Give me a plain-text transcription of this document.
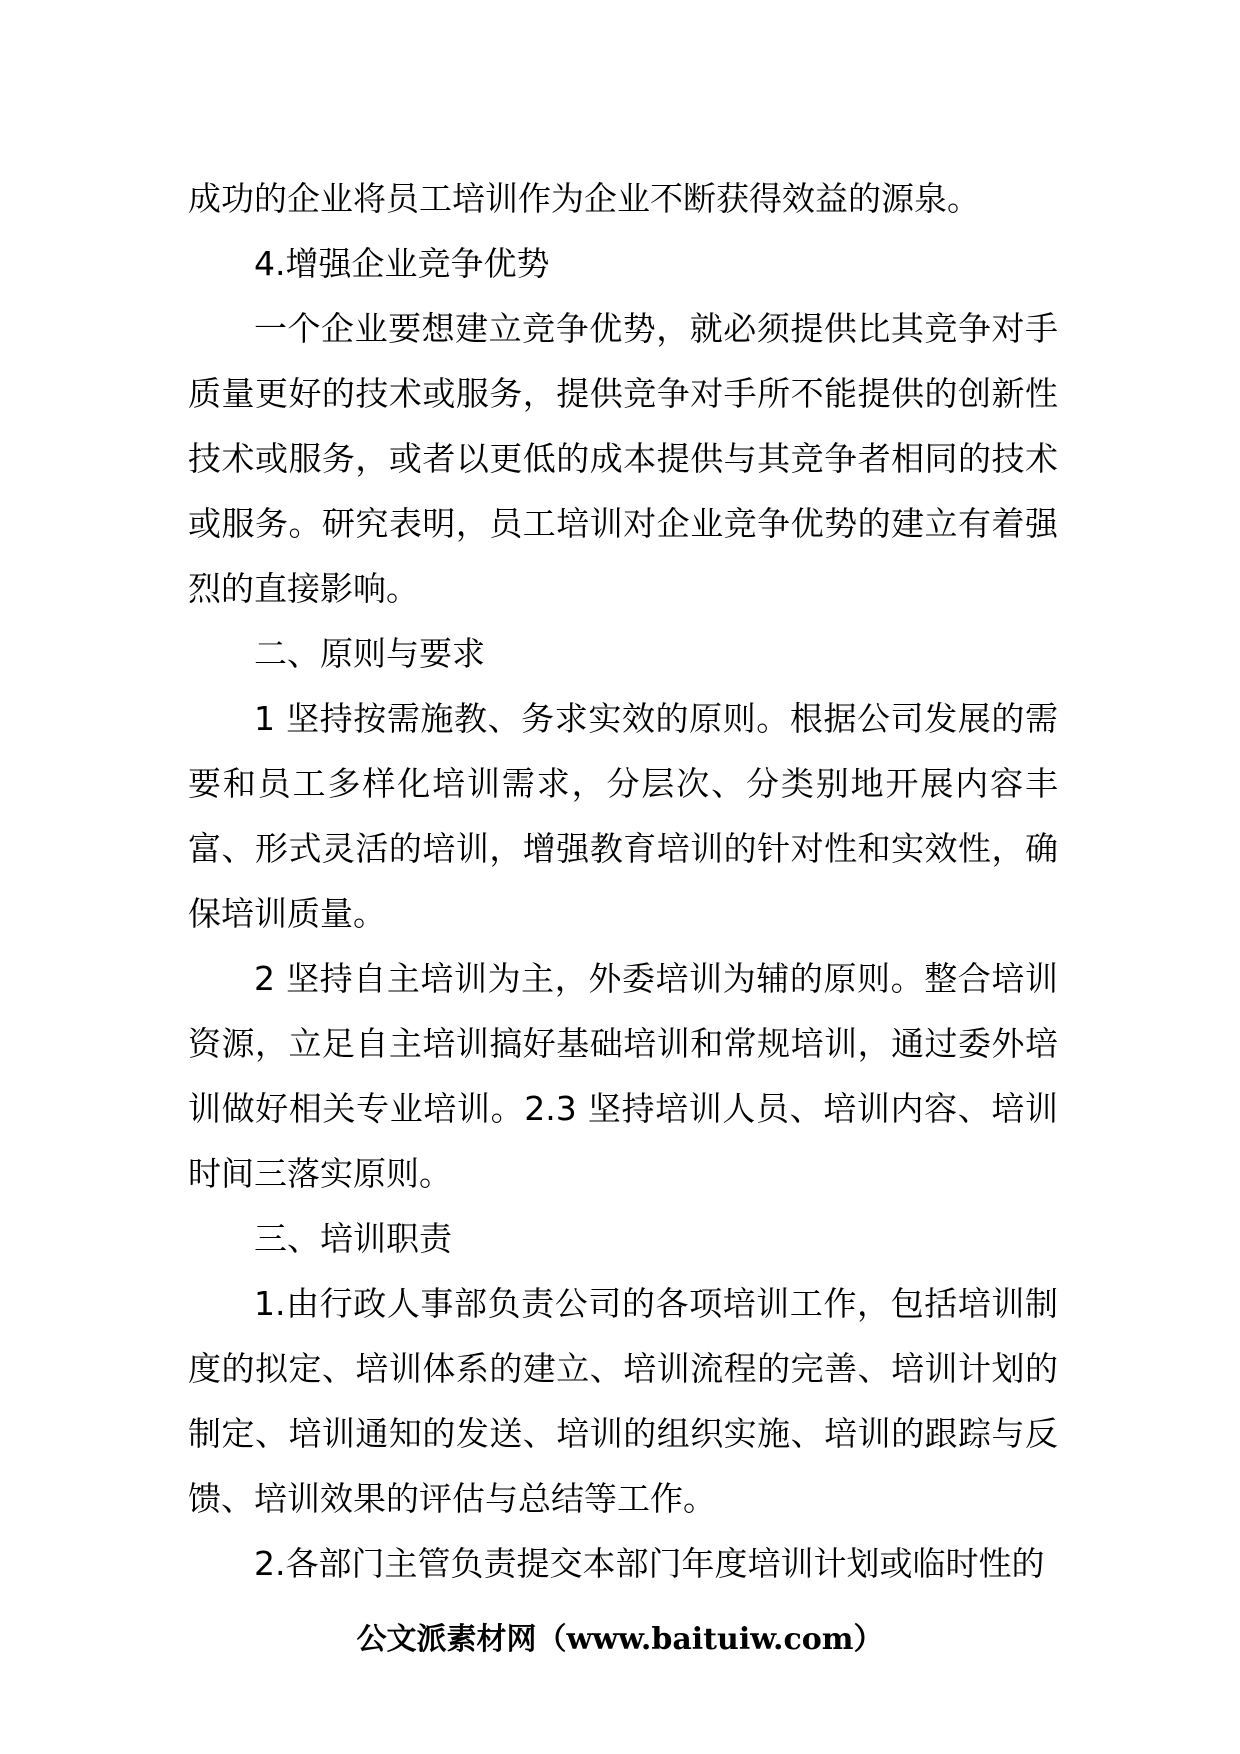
成功的企业将员工培训作为企业不断获得效益的源泉。

4.增强企业竞争优势

一个企业要想建立竞争优势，就必须提供比其竞争对手质量更好的技术或服务，提供竞争对手所不能提供的创新性技术或服务，或者以更低的成本提供与其竞争者相同的技术或服务。研究表明，员工培训对企业竞争优势的建立有着强烈的直接影响。

二、原则与要求

1 坚持按需施教、务求实效的原则。根据公司发展的需要和员工多样化培训需求，分层次、分类别地开展内容丰富、形式灵活的培训，增强教育培训的针对性和实效性，确保培训质量。

2 坚持自主培训为主，外委培训为辅的原则。整合培训资源，立足自主培训搞好基础培训和常规培训，通过委外培训做好相关专业培训。2.3 坚持培训人员、培训内容、培训时间三落实原则。

三、培训职责

1.由行政人事部负责公司的各项培训工作，包括培训制度的拟定、培训体系的建立、培训流程的完善、培训计划的制定、培训通知的发送、培训的组织实施、培训的跟踪与反馈、培训效果的评估与总结等工作。

2.各部门主管负责提交本部门年度培训计划或临时性的

公文派素材网（www.baituiw.com）
